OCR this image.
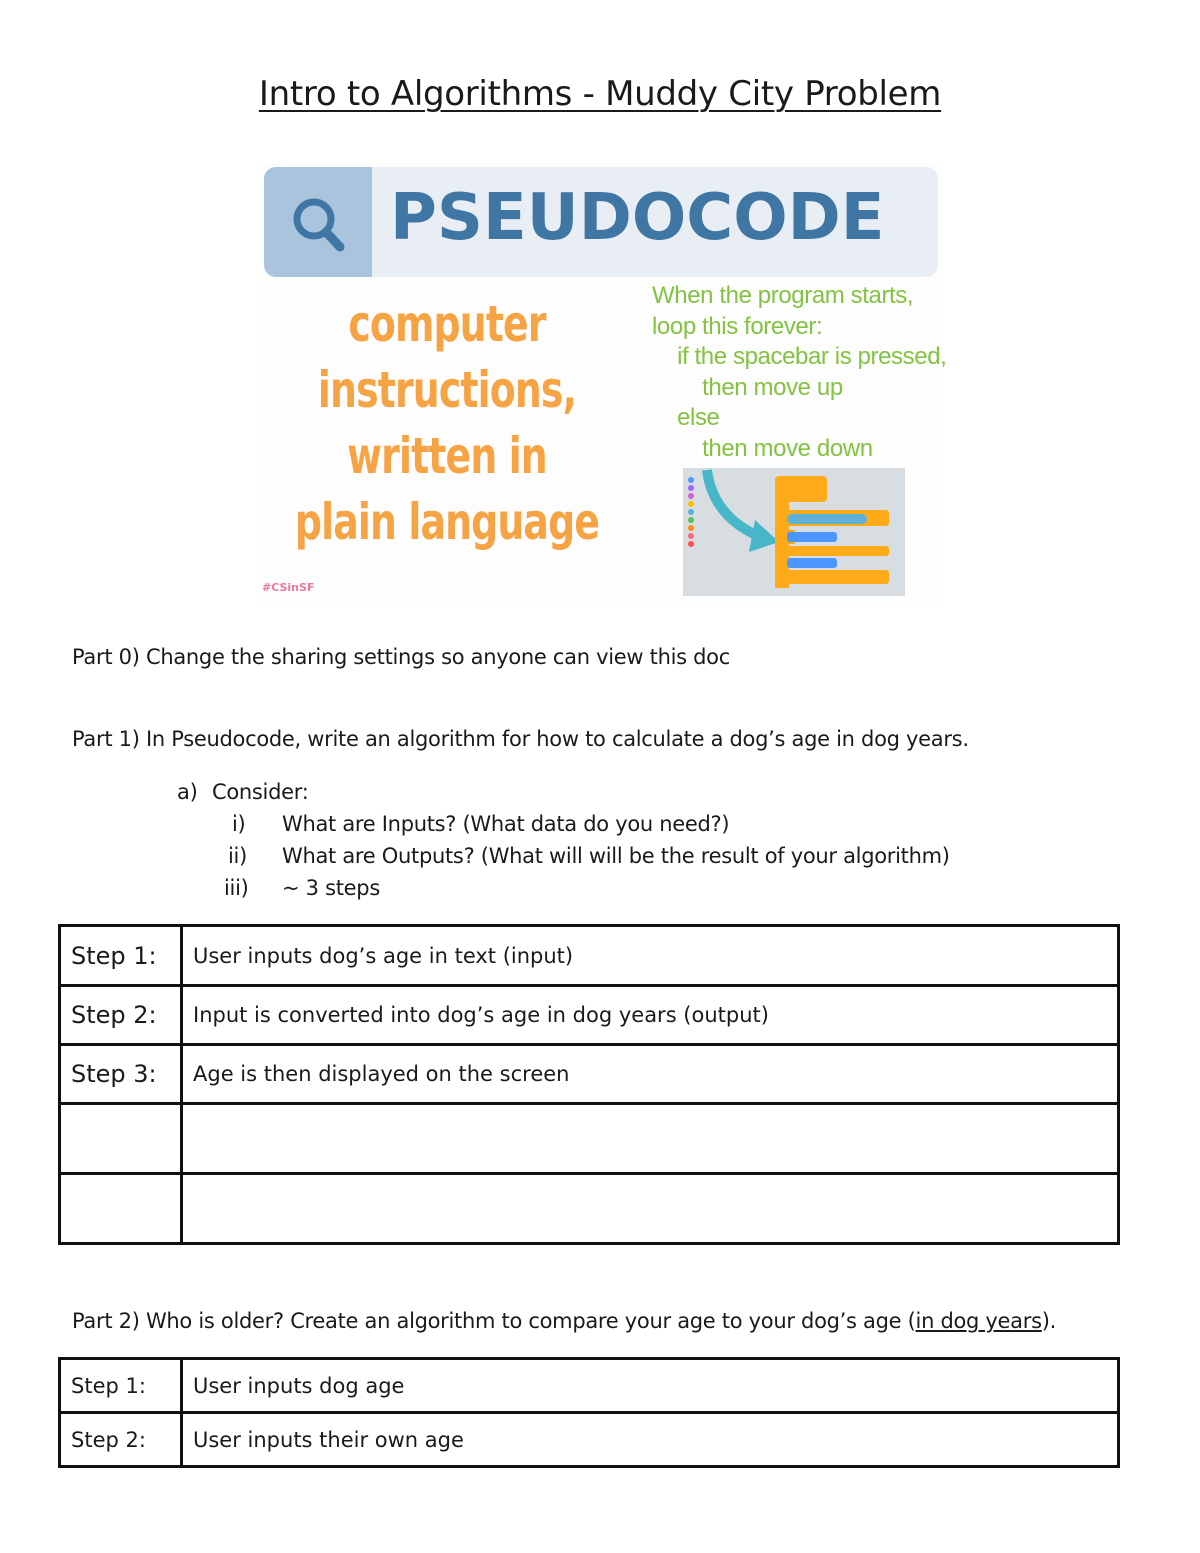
Intro to Algorithms - Muddy City Problem
PSEUDOCODE
computer
instructions,
written in
plain language
When the program starts,
loop this forever:
if the spacebar is pressed,
then move up
else
then move down
#CSinSF
Part 0) Change the sharing settings so anyone can view this doc
Part 1) In Pseudocode, write an algorithm for how to calculate a dog’s age in dog years.
a) Consider:
i) What are Inputs? (What data do you need?)
ii) What are Outputs? (What will will be the result of your algorithm)
iii) ~ 3 steps
Step 1:	User inputs dog’s age in text (input)
Step 2:	Input is converted into dog’s age in dog years (output)
Step 3:	Age is then displayed on the screen

Part 2) Who is older? Create an algorithm to compare your age to your dog’s age (in dog years).
Step 1:	User inputs dog age
Step 2:	User inputs their own age
